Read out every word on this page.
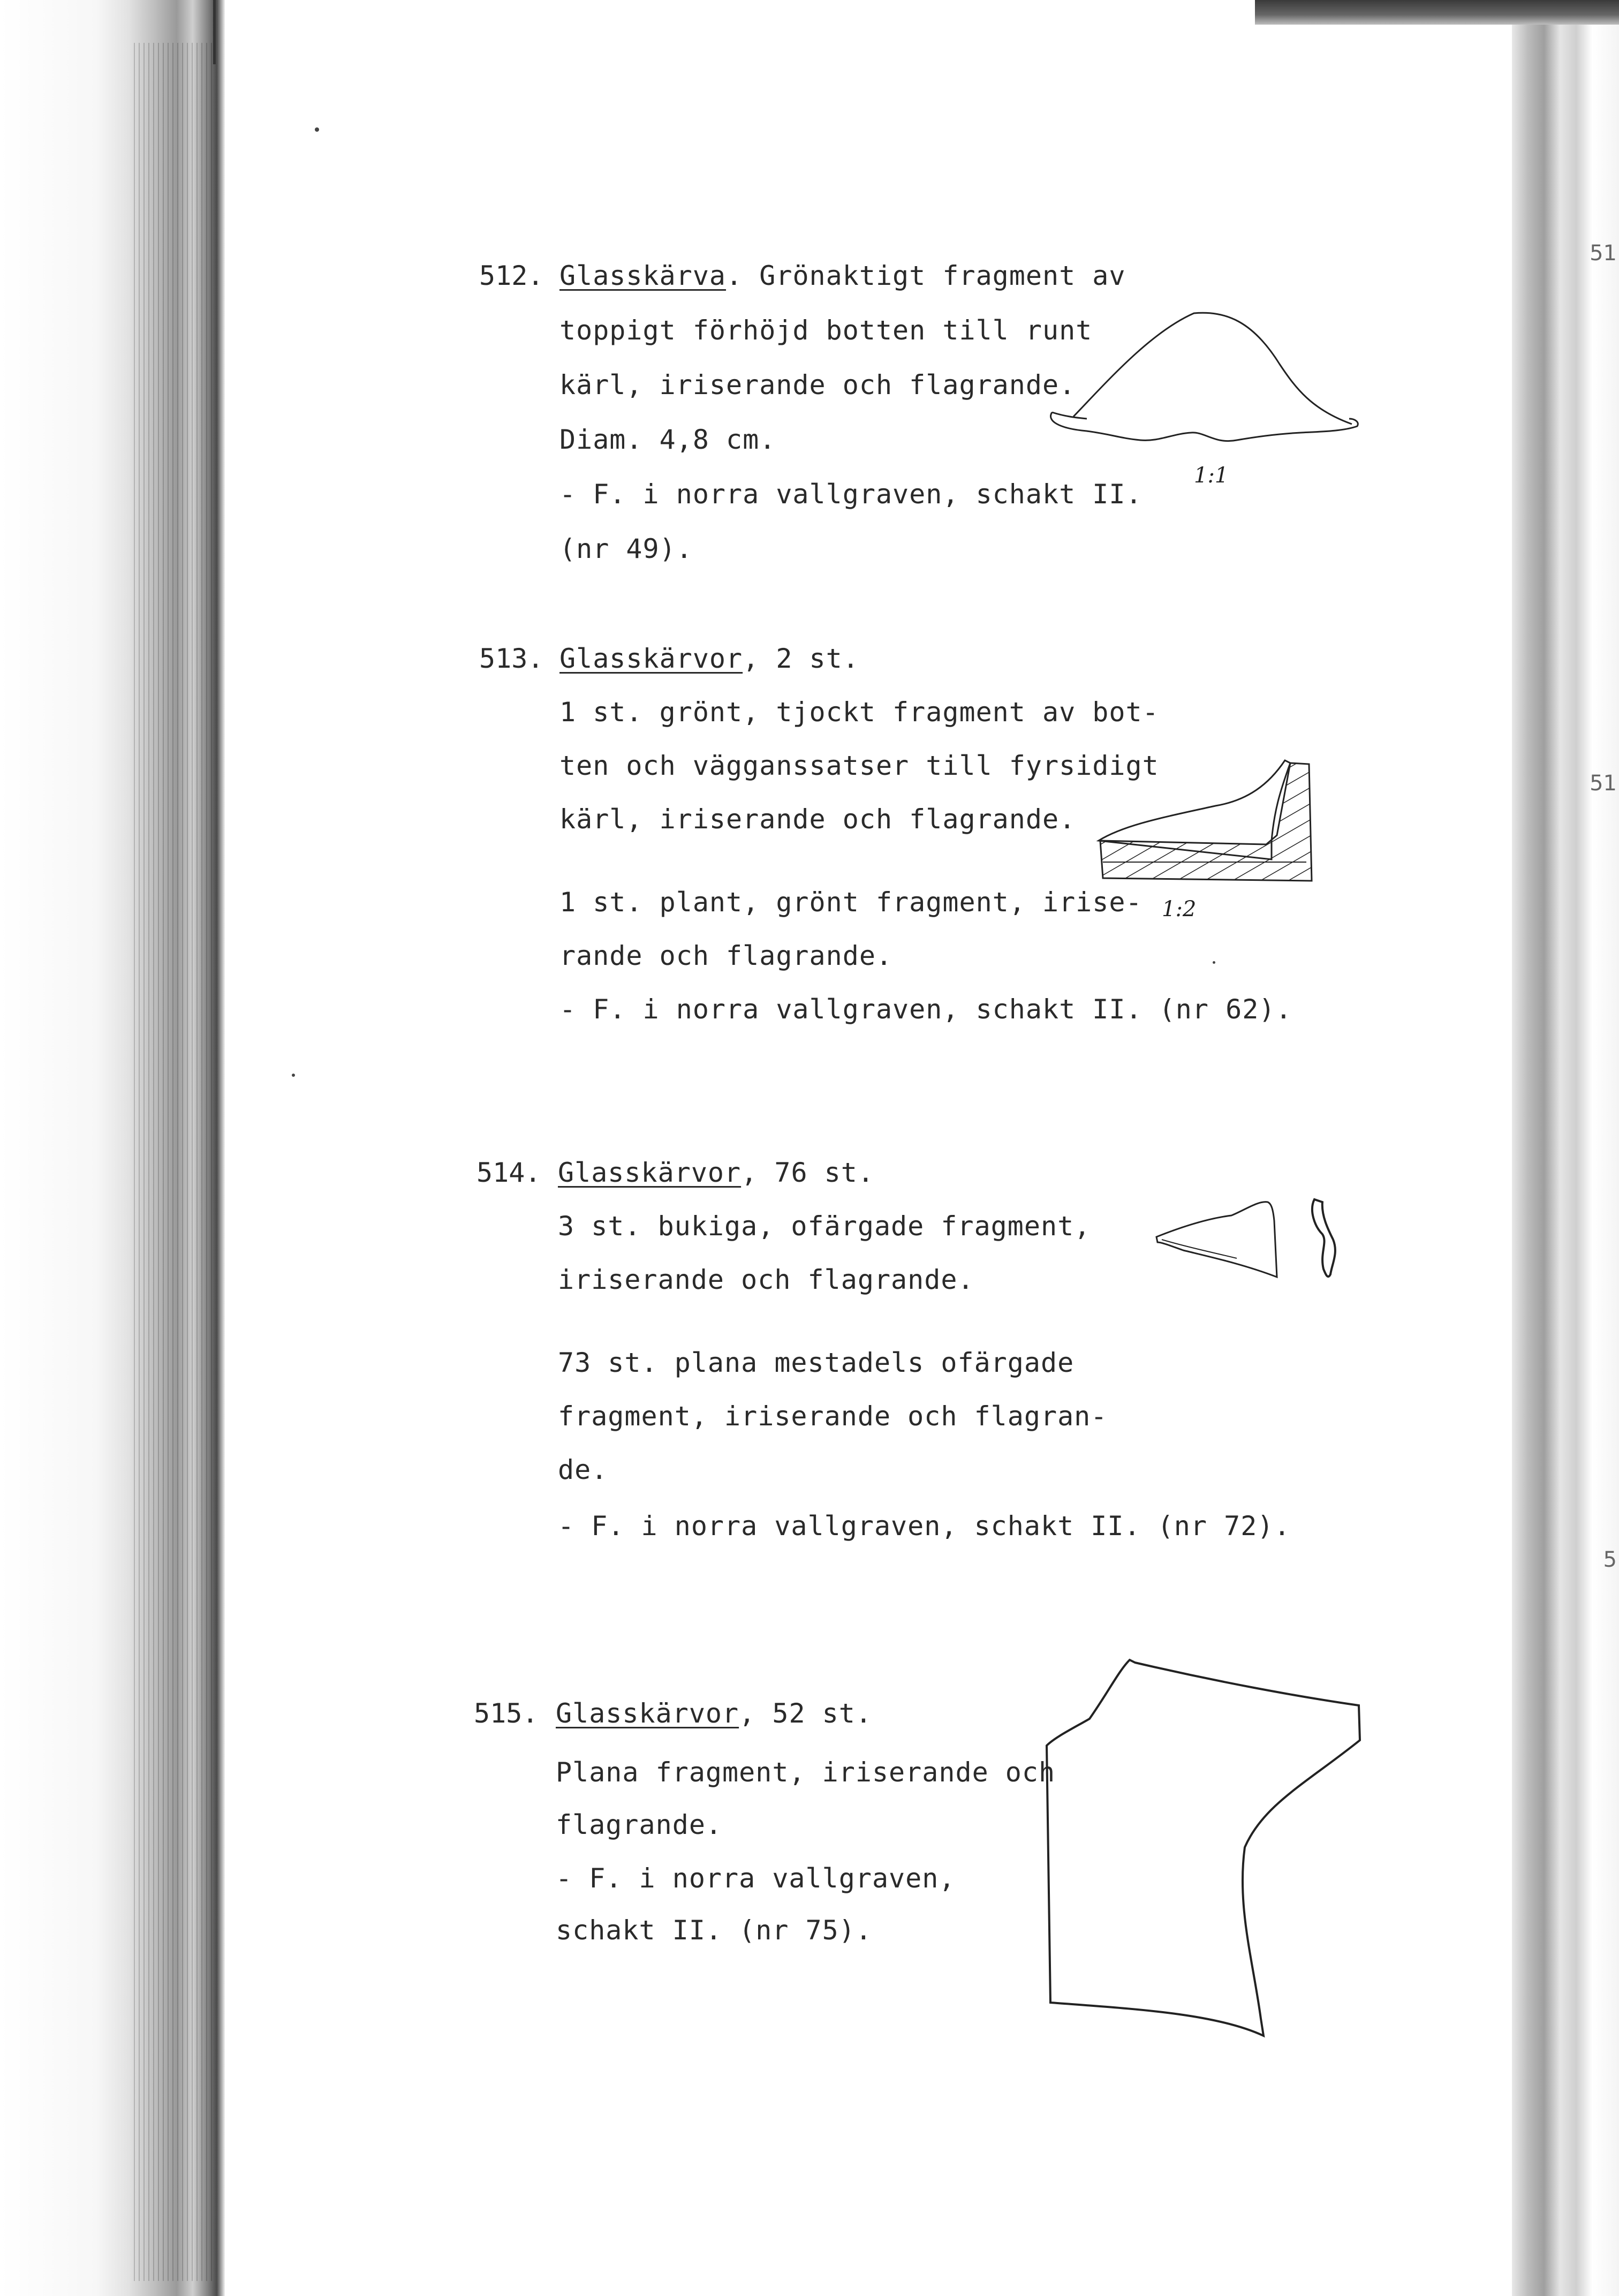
51
51
5
512. Glasskärva. Grönaktigt fragment av
toppigt förhöjd botten till runt
kärl, iriserande och flagrande.
Diam. 4,8 cm.
- F. i norra vallgraven, schakt II.
(nr 49).
1:1
513. Glasskärvor, 2 st.
1 st. grönt, tjockt fragment av bot-
ten och vägganssatser till fyrsidigt
kärl, iriserande och flagrande.
1 st. plant, grönt fragment, irise-
rande och flagrande.
- F. i norra vallgraven, schakt II. (nr 62).
1:2
514. Glasskärvor, 76 st.
3 st. bukiga, ofärgade fragment,
iriserande och flagrande.
73 st. plana mestadels ofärgade
fragment, iriserande och flagran-
de.
- F. i norra vallgraven, schakt II. (nr 72).
515. Glasskärvor, 52 st.
Plana fragment, iriserande och
flagrande.
- F. i norra vallgraven,
schakt II. (nr 75).
